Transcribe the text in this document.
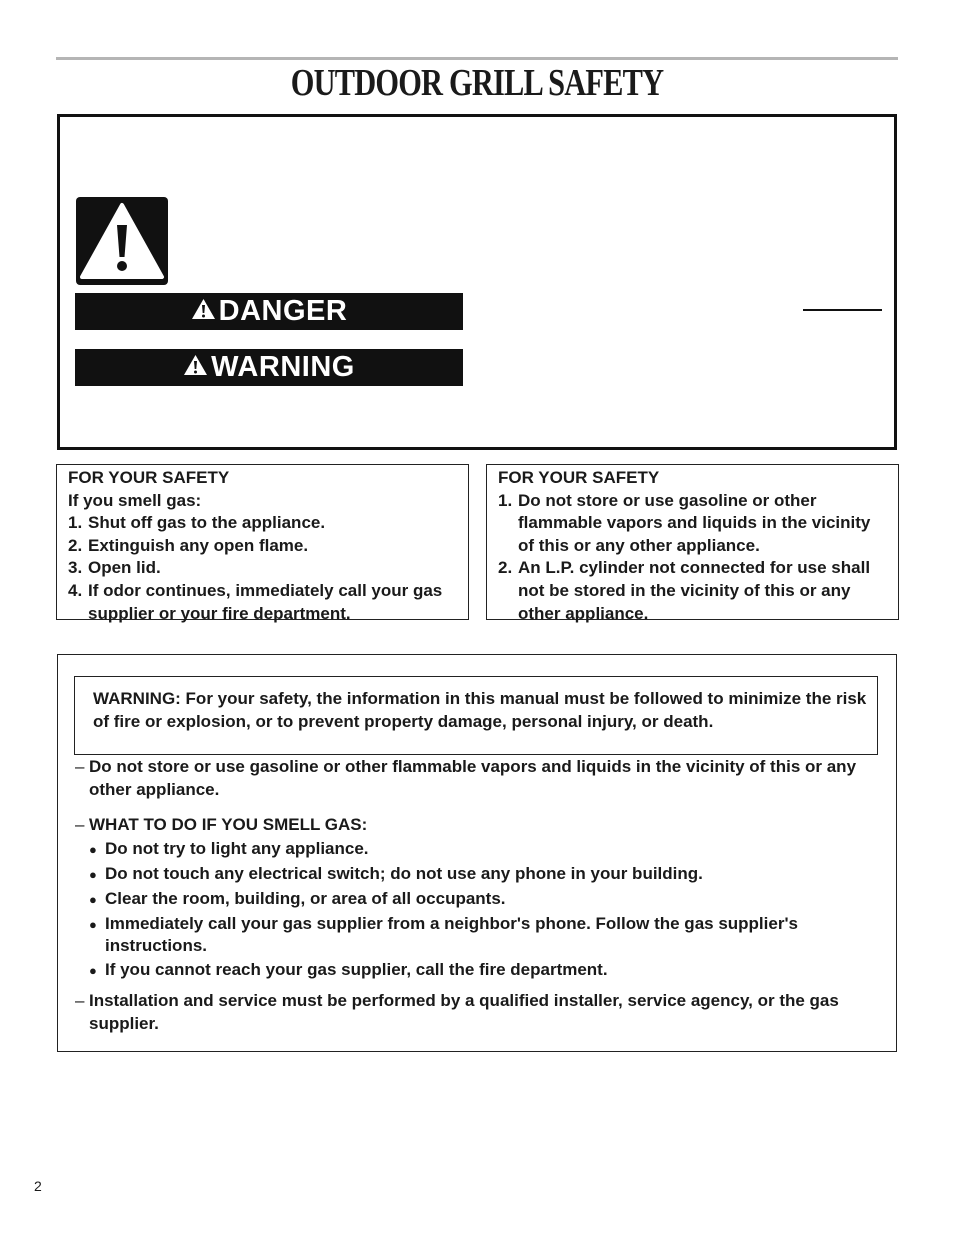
OUTDOOR GRILL SAFETY
DANGER
WARNING
FOR YOUR SAFETY
If you smell gas:
1. Shut off gas to the appliance.
2. Extinguish any open flame.
3. Open lid.
4. If odor continues, immediately call your gas supplier or your fire department.
FOR YOUR SAFETY
1. Do not store or use gasoline or other flammable vapors and liquids in the vicinity of this or any other appliance.
2. An L.P. cylinder not connected for use shall not be stored in the vicinity of this or any other appliance.
WARNING: For your safety, the information in this manual must be followed to minimize the risk of fire or explosion, or to prevent property damage, personal injury, or death.
– Do not store or use gasoline or other flammable vapors and liquids in the vicinity of this or any other appliance.
– WHAT TO DO IF YOU SMELL GAS:
● Do not try to light any appliance.
● Do not touch any electrical switch; do not use any phone in your building.
● Clear the room, building, or area of all occupants.
● Immediately call your gas supplier from a neighbor's phone. Follow the gas supplier's instructions.
● If you cannot reach your gas supplier, call the fire department.
– Installation and service must be performed by a qualified installer, service agency, or the gas supplier.
2
